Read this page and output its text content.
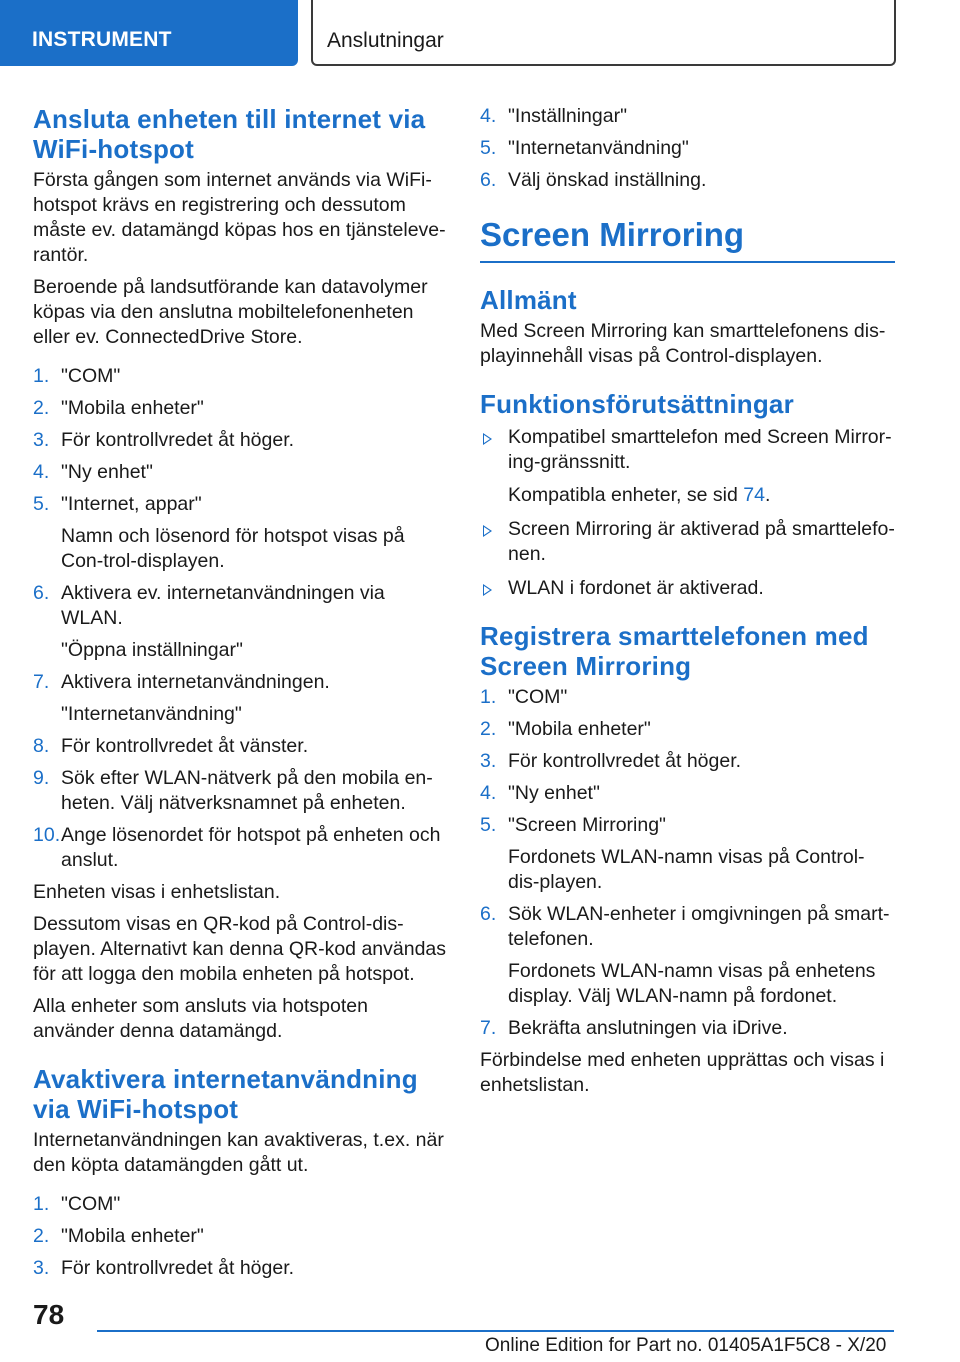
INSTRUMENT	Anslutningar
Ansluta enheten till internet via
WiFi-hotspot

Första gången som internet används via WiFi-hotspot krävs en registrering och dessutom måste ev. datamängd köpas hos en tjänsteleve-rantör.

Beroende på landsutförande kan datavolymer köpas via den anslutna mobiltelefonenheten eller ev. ConnectedDrive Store.

1. "COM"
2. "Mobila enheter"
3. För kontrollvredet åt höger.
4. "Ny enhet"
5. "Internet, appar"
Namn och lösenord för hotspot visas på Con-trol-displayen.
6. Aktivera ev. internetanvändningen via WLAN.
"Öppna inställningar"
7. Aktivera internetanvändningen.
"Internetanvändning"
8. För kontrollvredet åt vänster.
9. Sök efter WLAN-nätverk på den mobila en-heten. Välj nätverksnamnet på enheten.
10. Ange lösenordet för hotspot på enheten och anslut.

Enheten visas i enhetslistan.

Dessutom visas en QR-kod på Control-dis-playen. Alternativt kan denna QR-kod användas för att logga den mobila enheten på hotspot.

Alla enheter som ansluts via hotspoten använder denna datamängd.

Avaktivera internetanvändning
via WiFi-hotspot

Internetanvändningen kan avaktiveras, t.ex. när den köpta datamängden gått ut.

1. "COM"
2. "Mobila enheter"
3. För kontrollvredet åt höger.
4. "Inställningar"
5. "Internetanvändning"
6. Välj önskad inställning.
Screen Mirroring
Allmänt

Med Screen Mirroring kan smarttelefonens dis-playinnehåll visas på Control-displayen.

Funktionsförutsättningar
Kompatibel smarttelefon med Screen Mirror-ing-gränssnitt.
Kompatibla enheter, se sid 74.
Screen Mirroring är aktiverad på smarttelefo-nen.
WLAN i fordonet är aktiverad.
Registrera smarttelefonen med
Screen Mirroring
1. "COM"
2. "Mobila enheter"
3. För kontrollvredet åt höger.
4. "Ny enhet"
5. "Screen Mirroring"
Fordonets WLAN-namn visas på Control-dis-playen.
6. Sök WLAN-enheter i omgivningen på smart-telefonen.
Fordonets WLAN-namn visas på enhetens display. Välj WLAN-namn på fordonet.
7. Bekräfta anslutningen via iDrive.

Förbindelse med enheten upprättas och visas i enhetslistan.

78
Online Edition for Part no. 01405A1F5C8 - X/20
